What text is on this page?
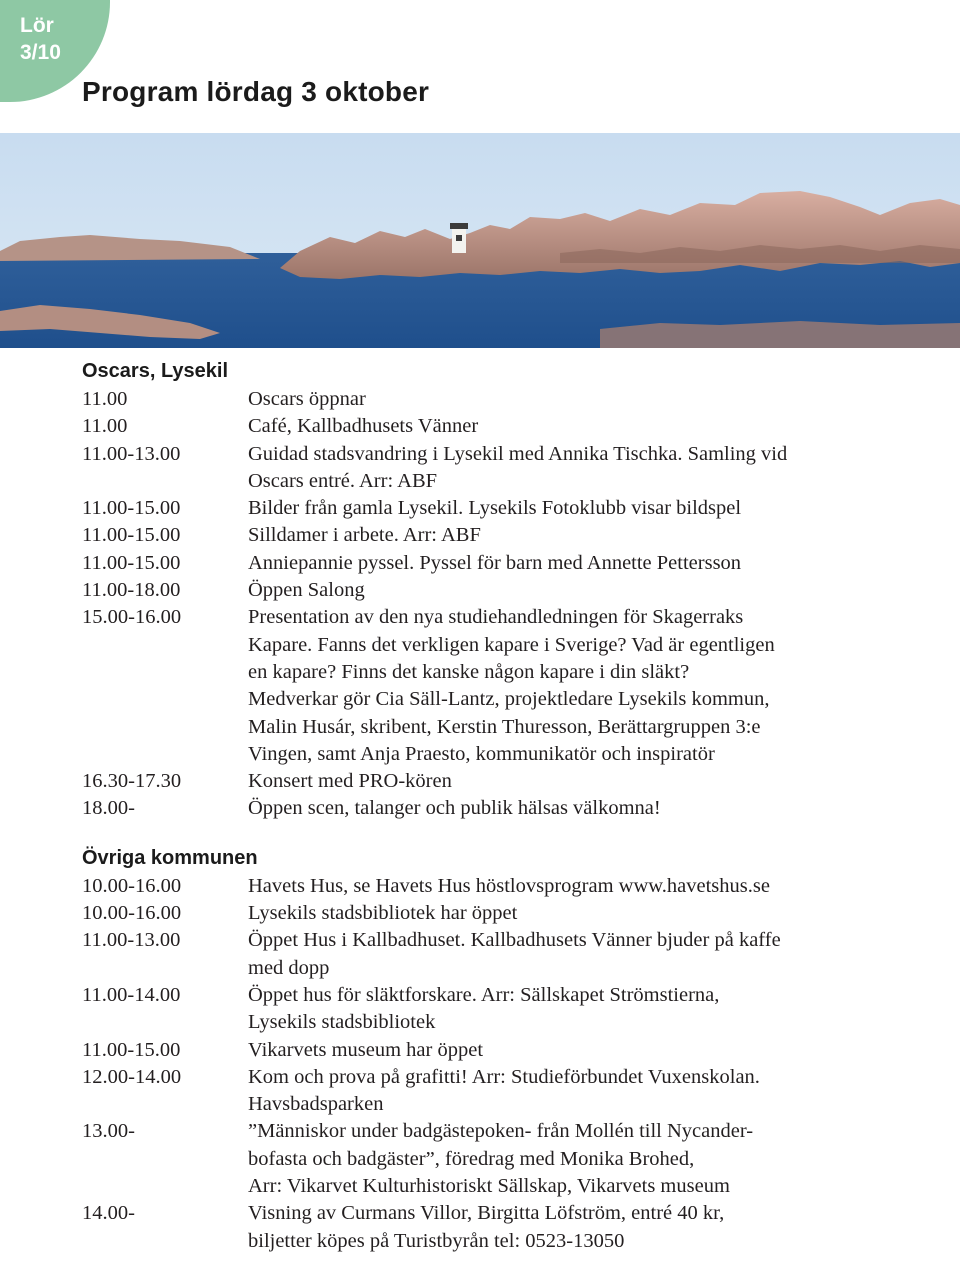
Lör
3/10
Program lördag 3 oktober
Oscars, Lysekil
11.00	Oscars öppnar
11.00	Café, Kallbadhusets Vänner
11.00-13.00	Guidad stadsvandring i Lysekil med Annika Tischka. Samling vid
Oscars entré. Arr: ABF
11.00-15.00	Bilder från gamla Lysekil. Lysekils Fotoklubb visar bildspel
11.00-15.00	Silldamer i arbete. Arr: ABF
11.00-15.00	Anniepannie pyssel. Pyssel för barn med Annette Pettersson
11.00-18.00	Öppen Salong
15.00-16.00	Presentation av den nya studiehandledningen för Skagerraks
Kapare. Fanns det verkligen kapare i Sverige? Vad är egentligen
en kapare? Finns det kanske någon kapare i din släkt?
Medverkar gör Cia Säll-Lantz, projektledare Lysekils kommun,
Malin Husár, skribent, Kerstin Thuresson, Berättargruppen 3:e
Vingen, samt Anja Praesto, kommunikatör och inspiratör
16.30-17.30	Konsert med PRO-kören
18.00-	Öppen scen, talanger och publik hälsas välkomna!
Övriga kommunen
10.00-16.00	Havets Hus, se Havets Hus höstlovsprogram www.havetshus.se
10.00-16.00	Lysekils stadsbibliotek har öppet
11.00-13.00	Öppet Hus i Kallbadhuset. Kallbadhusets Vänner bjuder på kaffe
med dopp
11.00-14.00	Öppet hus för släktforskare. Arr: Sällskapet Strömstierna,
Lysekils stadsbibliotek
11.00-15.00	Vikarvets museum har öppet
12.00-14.00	Kom och prova på grafitti! Arr: Studieförbundet Vuxenskolan.
Havsbadsparken
13.00-	”Människor under badgästepoken- från Mollén till Nycander-
bofasta och badgäster”, föredrag med Monika Brohed,
Arr: Vikarvet Kulturhistoriskt Sällskap, Vikarvets museum
14.00-	Visning av Curmans Villor, Birgitta Löfström, entré 40 kr,
biljetter köpes på Turistbyrån tel: 0523-13050
